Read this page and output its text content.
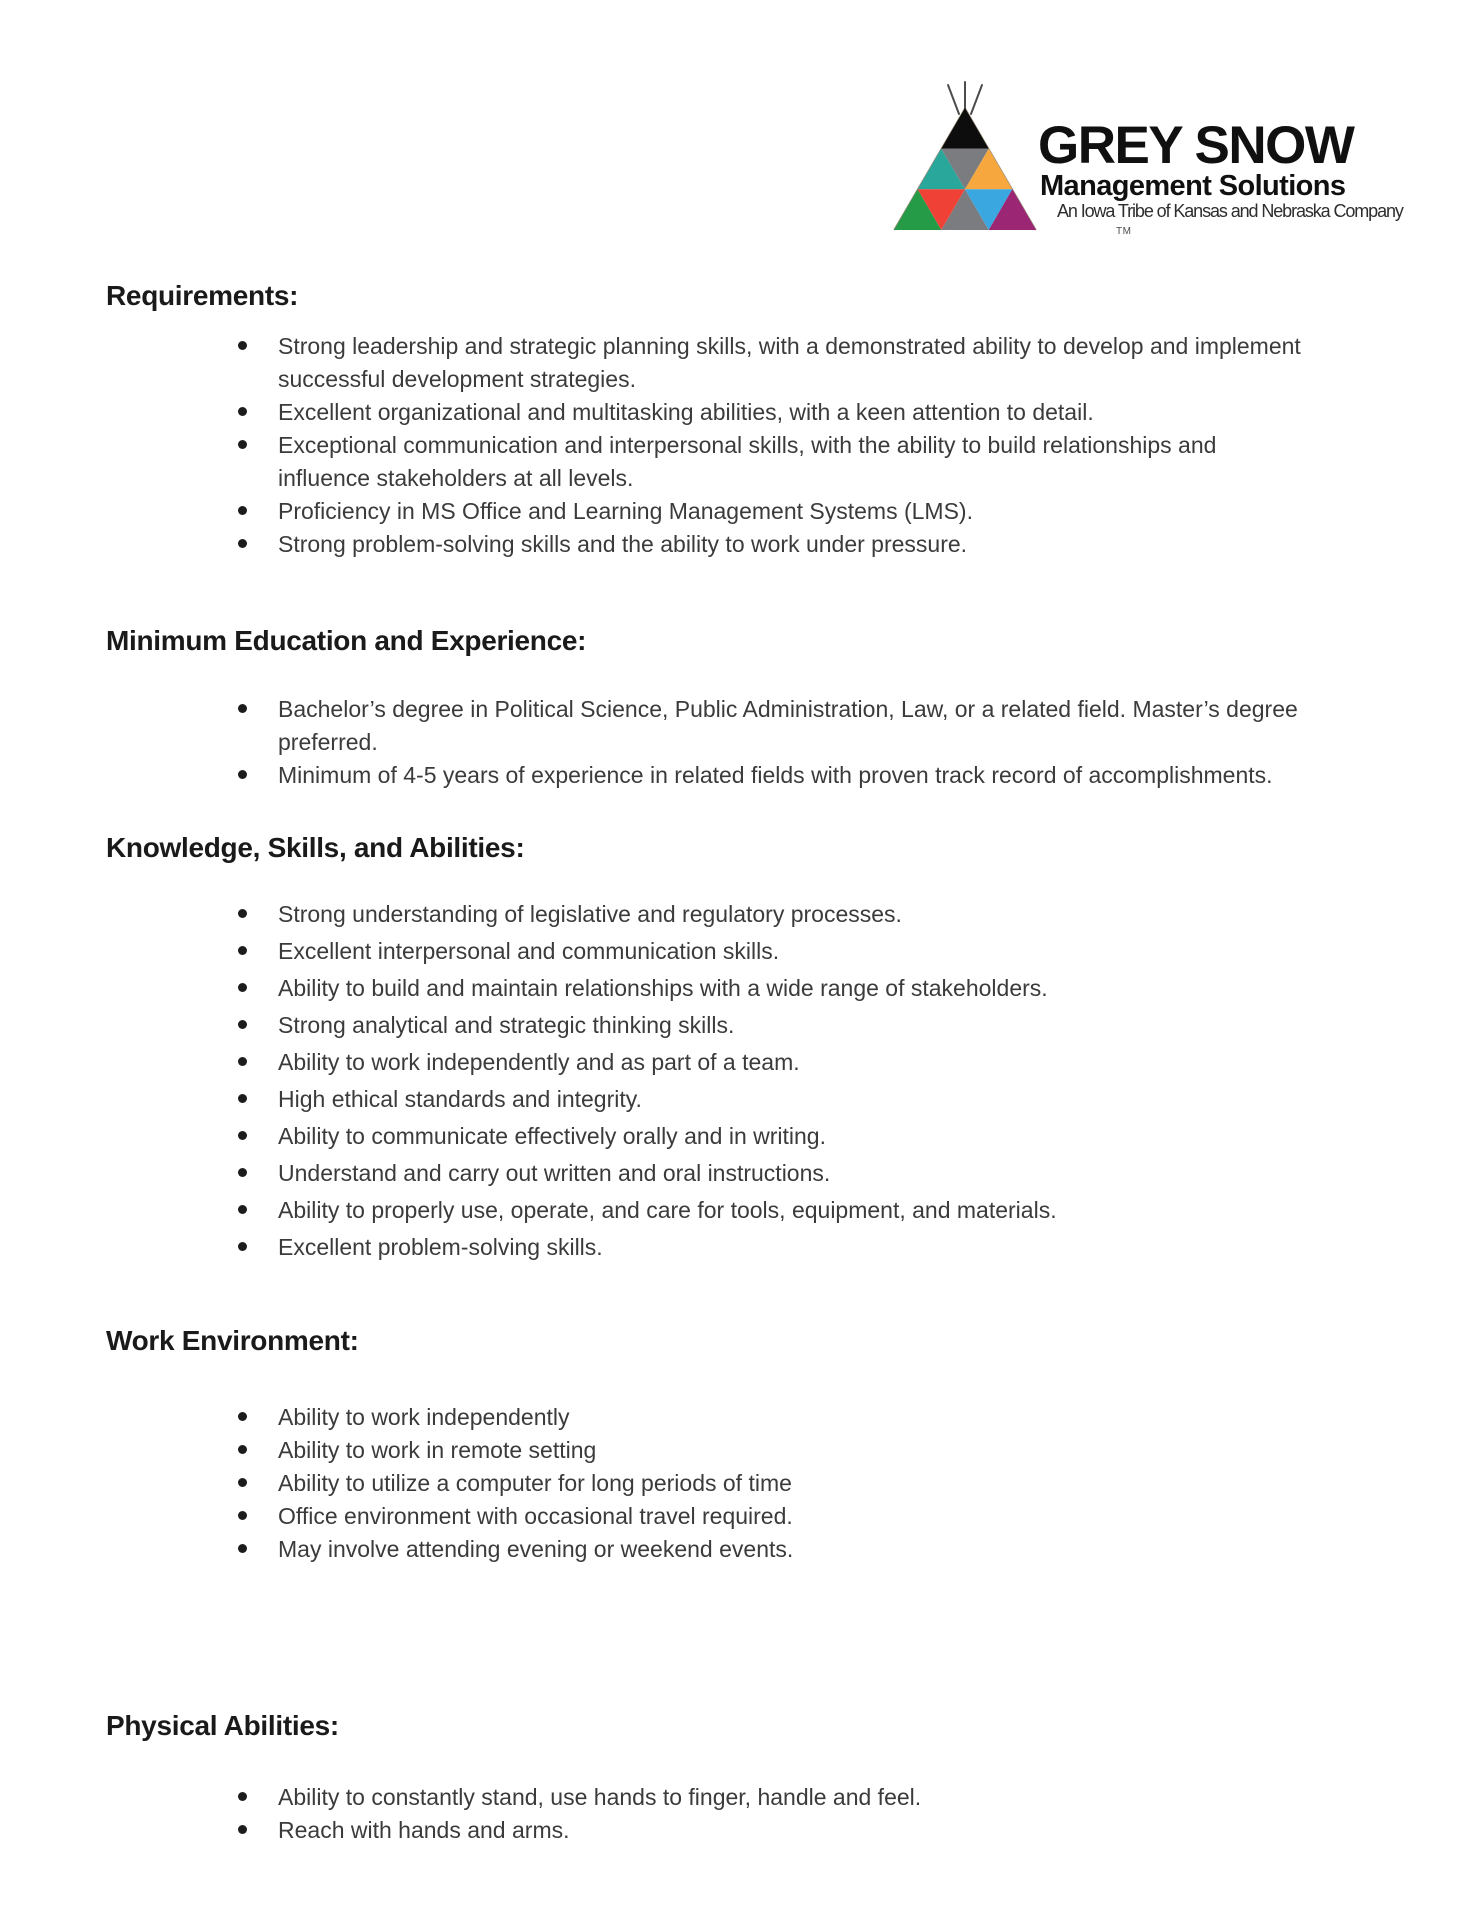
GREY SNOW
Management Solutions
An Iowa Tribe of Kansas and Nebraska Company
TM
Requirements:
Strong leadership and strategic planning skills, with a demonstrated ability to develop and implement
successful development strategies.
Excellent organizational and multitasking abilities, with a keen attention to detail.
Exceptional communication and interpersonal skills, with the ability to build relationships and
influence stakeholders at all levels.
Proficiency in MS Office and Learning Management Systems (LMS).
Strong problem-solving skills and the ability to work under pressure.
Minimum Education and Experience:
Bachelor’s degree in Political Science, Public Administration, Law, or a related field. Master’s degree
preferred.
Minimum of 4-5 years of experience in related fields with proven track record of accomplishments.
Knowledge, Skills, and Abilities:
Strong understanding of legislative and regulatory processes.
Excellent interpersonal and communication skills.
Ability to build and maintain relationships with a wide range of stakeholders.
Strong analytical and strategic thinking skills.
Ability to work independently and as part of a team.
High ethical standards and integrity.
Ability to communicate effectively orally and in writing.
Understand and carry out written and oral instructions.
Ability to properly use, operate, and care for tools, equipment, and materials.
Excellent problem-solving skills.
Work Environment:
Ability to work independently
Ability to work in remote setting
Ability to utilize a computer for long periods of time
Office environment with occasional travel required.
May involve attending evening or weekend events.
Physical Abilities:
Ability to constantly stand, use hands to finger, handle and feel.
Reach with hands and arms.
